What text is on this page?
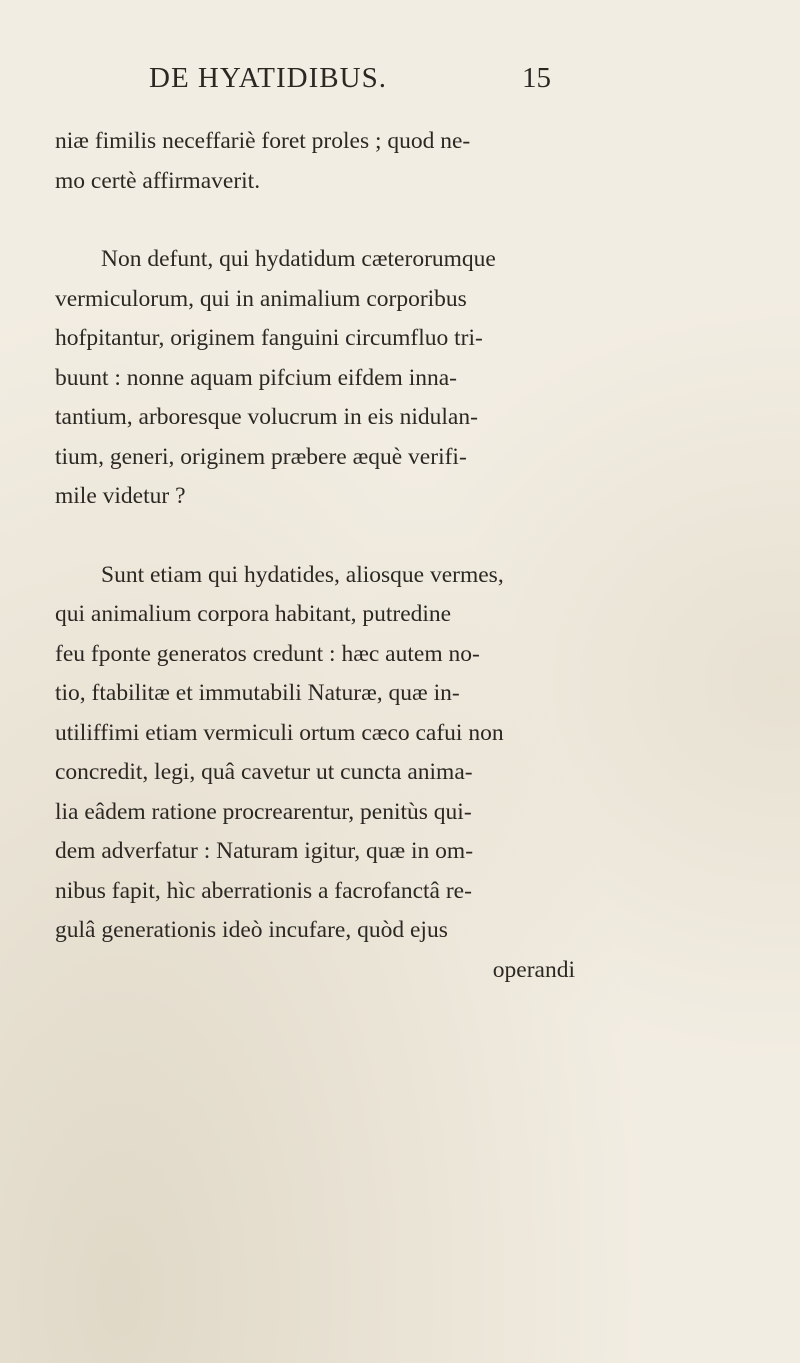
DE HYATIDIBUS.	15
niæ fimilis neceffariè foret proles ; quod ne-
mo certè affirmaverit.
Non defunt, qui hydatidum cæterorumque
vermiculorum, qui in animalium corporibus
hofpitantur, originem fanguini circumfluo tri-
buunt : nonne aquam pifcium eifdem inna-
tantium, arboresque volucrum in eis nidulan-
tium, generi, originem præbere æquè verifi-
mile videtur ?
Sunt etiam qui hydatides, aliosque vermes,
qui animalium corpora habitant, putredine
feu fponte generatos credunt : hæc autem no-
tio, ftabilitæ et immutabili Naturæ, quæ in-
utiliffimi etiam vermiculi ortum cæco cafui non
concredit, legi, quâ cavetur ut cuncta anima-
lia eâdem ratione procrearentur, penitùs qui-
dem adverfatur : Naturam igitur, quæ in om-
nibus fapit, hìc aberrationis a facrofanctâ re-
gulâ generationis ideò incufare, quòd ejus
operandi
